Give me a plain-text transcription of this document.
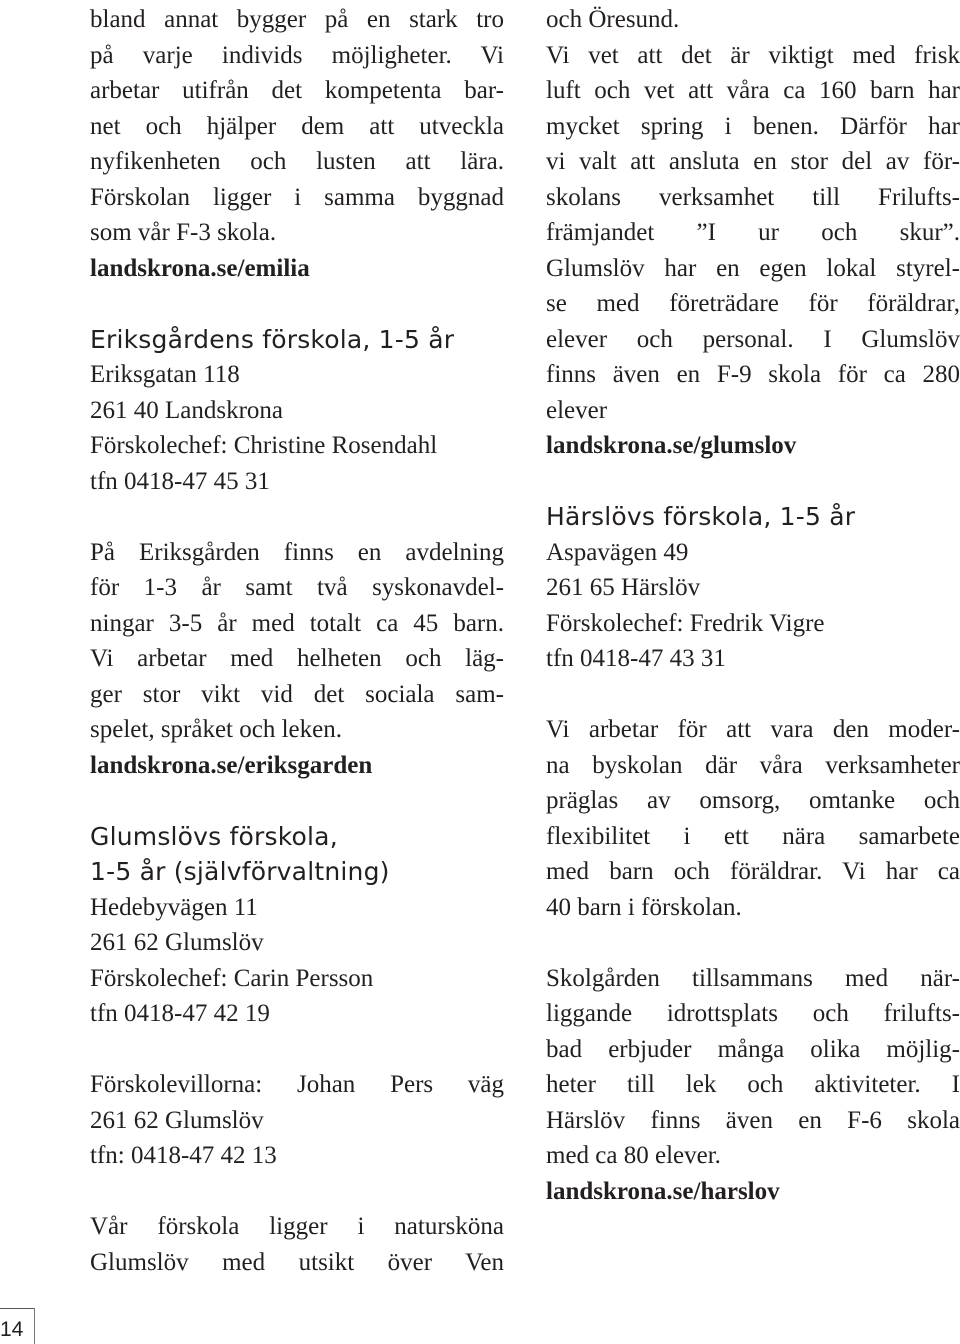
bland annat bygger på en stark tro
på varje individs möjligheter. Vi
arbetar utifrån det kompetenta bar-
net och hjälper dem att utveckla
nyfikenheten och lusten att lära.
Förskolan ligger i samma byggnad
som vår F-3 skola.
landskrona.se/emilia
Eriksgårdens förskola, 1-5 år
Eriksgatan 118
261 40 Landskrona
Förskolechef: Christine Rosendahl
tfn 0418-47 45 31
På Eriksgården finns en avdelning
för 1-3 år samt två syskonavdel-
ningar 3-5 år med totalt ca 45 barn.
Vi arbetar med helheten och läg-
ger stor vikt vid det sociala sam-
spelet, språket och leken.
landskrona.se/eriksgarden
Glumslövs förskola,
1-5 år (självförvaltning)
Hedebyvägen 11
261 62 Glumslöv
Förskolechef: Carin Persson
tfn 0418-47 42 19
Förskolevillorna: Johan Pers väg
261 62 Glumslöv
tfn: 0418-47 42 13
Vår förskola ligger i natursköna
Glumslöv med utsikt över Ven
och Öresund.
Vi vet att det är viktigt med frisk
luft och vet att våra ca 160 barn har
mycket spring i benen. Därför har
vi valt att ansluta en stor del av för-
skolans verksamhet till Frilufts-
främjandet ”I ur och skur”.
Glumslöv har en egen lokal styrel-
se med företrädare för föräldrar,
elever och personal. I Glumslöv
finns även en F-9 skola för ca 280
elever
landskrona.se/glumslov
Härslövs förskola, 1-5 år
Aspavägen 49
261 65 Härslöv
Förskolechef: Fredrik Vigre
tfn 0418-47 43 31
Vi arbetar för att vara den moder-
na byskolan där våra verksamheter
präglas av omsorg, omtanke och
flexibilitet i ett nära samarbete
med barn och föräldrar. Vi har ca
40 barn i förskolan.
Skolgården tillsammans med när-
liggande idrottsplats och frilufts-
bad erbjuder många olika möjlig-
heter till lek och aktiviteter. I
Härslöv finns även en F-6 skola
med ca 80 elever.
landskrona.se/harslov
14
